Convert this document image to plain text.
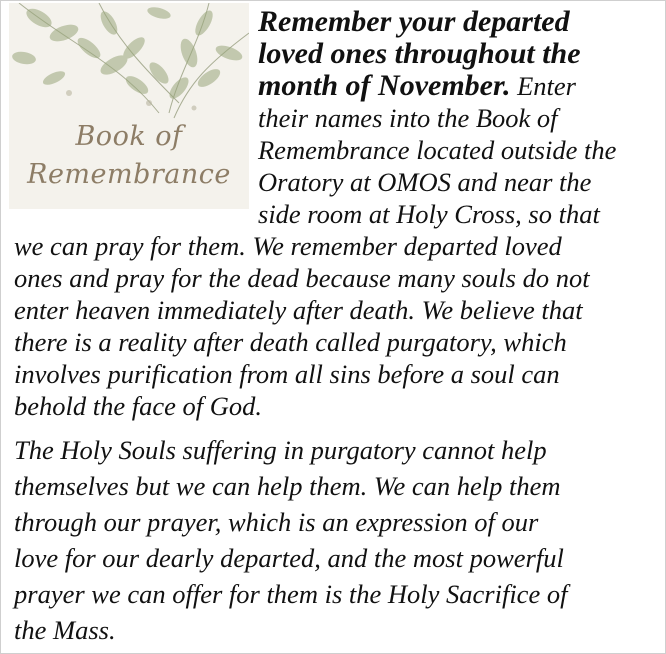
Book of
Remembrance
Remember your departed
loved ones throughout the
month of November. Enter
their names into the Book of
Remembrance located outside the
Oratory at OMOS and near the
side room at Holy Cross, so that
we can pray for them. We remember departed loved
ones and pray for the dead because many souls do not
enter heaven immediately after death. We believe that
there is a reality after death called purgatory, which
involves purification from all sins before a soul can
behold the face of God.
The Holy Souls suffering in purgatory cannot help
themselves but we can help them. We can help them
through our prayer, which is an expression of our
love for our dearly departed, and the most powerful
prayer we can offer for them is the Holy Sacrifice of
the Mass.
